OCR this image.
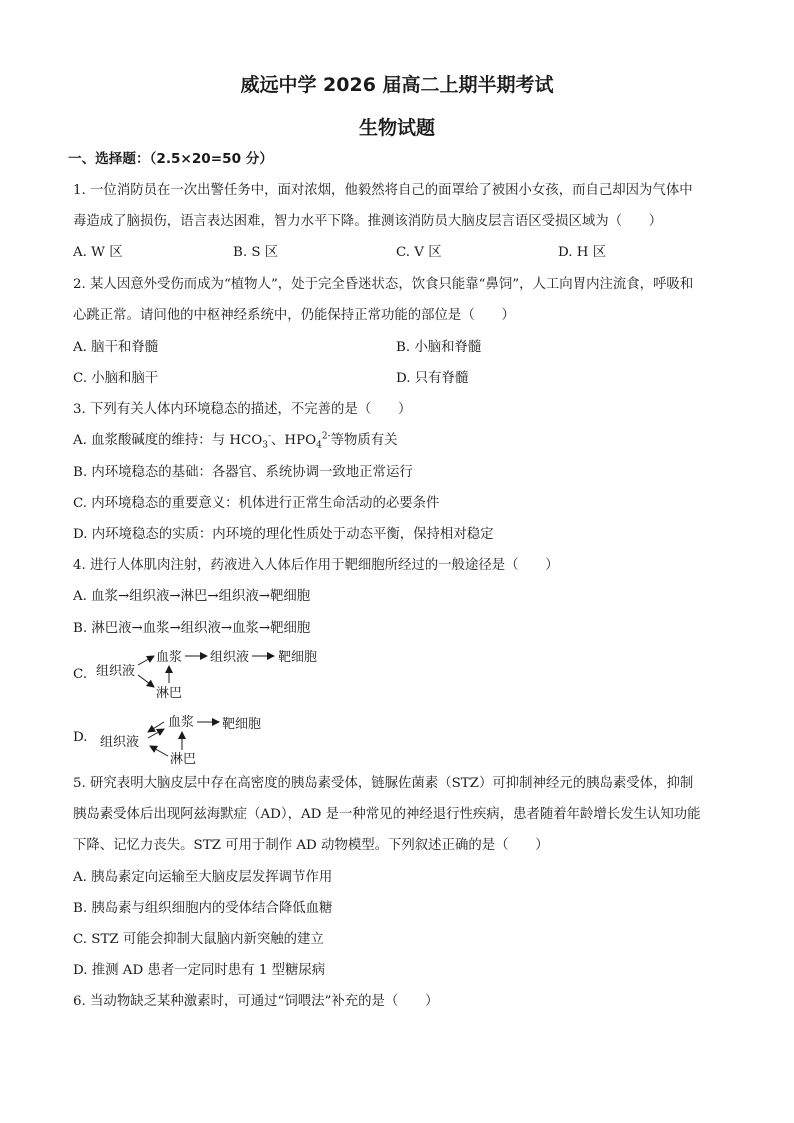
威远中学 2026 届高二上期半期考试
生物试题
一、选择题：（2.5×20=50 分）
1. 一位消防员在一次出警任务中，面对浓烟，他毅然将自己的面罩给了被困小女孩，而自己却因为气体中
毒造成了脑损伤，语言表达困难，智力水平下降。推测该消防员大脑皮层言语区受损区域为（　　）
A. W 区	B. S 区	C. V 区	D. H 区
2. 某人因意外受伤而成为“植物人”，处于完全昏迷状态，饮食只能靠“鼻饲”，人工向胃内注流食，呼吸和
心跳正常。请问他的中枢神经系统中，仍能保持正常功能的部位是（　　）
A. 脑干和脊髓	B. 小脑和脊髓
C. 小脑和脑干	D. 只有脊髓
3. 下列有关人体内环境稳态的描述，不完善的是（　　）
A. 血浆酸碱度的维持：与 $HCO_3^-$、$HPO_4^{2-}$等物质有关
B. 内环境稳态的基础：各器官、系统协调一致地正常运行
C. 内环境稳态的重要意义：机体进行正常生命活动的必要条件
D. 内环境稳态的实质：内环境的理化性质处于动态平衡，保持相对稳定
4. 进行人体肌肉注射，药液进入人体后作用于靶细胞所经过的一般途径是（　　）
A. 血浆→组织液→淋巴→组织液→靶细胞
B. 淋巴液→血浆→组织液→血浆→靶细胞
C. 组织液
血浆 组织液 靶细胞
淋巴
D. 组织液
血浆 靶细胞
淋巴
5. 研究表明大脑皮层中存在高密度的胰岛素受体，链脲佐菌素（STZ）可抑制神经元的胰岛素受体，抑制
胰岛素受体后出现阿兹海默症（AD），AD 是一种常见的神经退行性疾病，患者随着年龄增长发生认知功能
下降、记忆力丧失。STZ 可用于制作 AD 动物模型。下列叙述正确的是（　　）
A. 胰岛素定向运输至大脑皮层发挥调节作用
B. 胰岛素与组织细胞内的受体结合降低血糖
C. STZ 可能会抑制大鼠脑内新突触的建立
D. 推测 AD 患者一定同时患有 1 型糖尿病
6. 当动物缺乏某种激素时，可通过“饲喂法”补充的是（　　）
